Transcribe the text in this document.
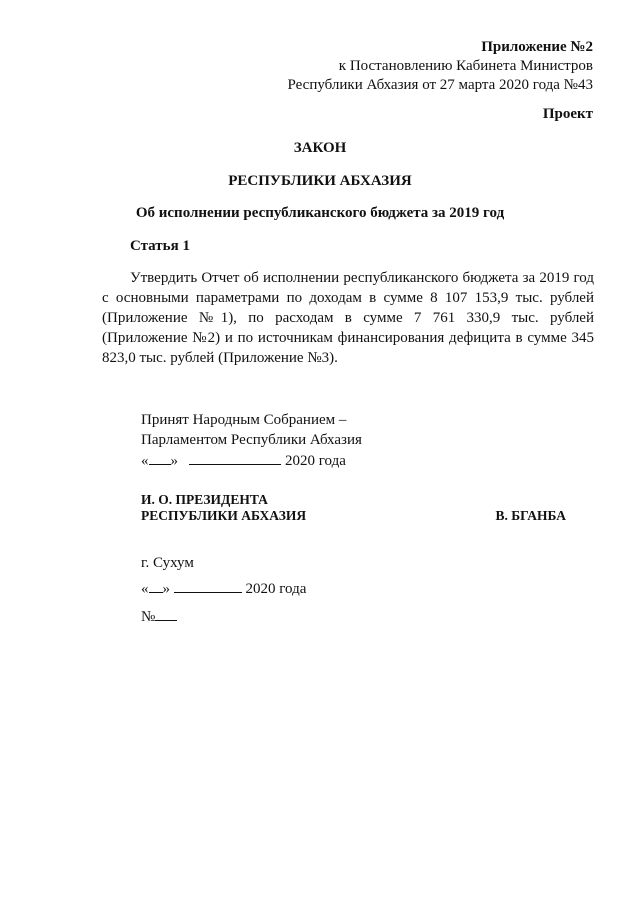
Приложение №2
к Постановлению Кабинета Министров
Республики Абхазия от 27 марта 2020 года №43
Проект
ЗАКОН
РЕСПУБЛИКИ АБХАЗИЯ
Об исполнении республиканского бюджета за 2019 год
Статья 1
Утвердить Отчет об исполнении республиканского бюджета за 2019 год с основными параметрами по доходам в сумме 8 107 153,9 тыс. рублей (Приложение №1), по расходам в сумме 7 761 330,9 тыс. рублей (Приложение №2) и по источникам финансирования дефицита в сумме 345 823,0 тыс. рублей (Приложение №3).
Принят Народным Собранием –
Парламентом Республики Абхазия
« »	2020 года
И. О. ПРЕЗИДЕНТА
РЕСПУБЛИКИ АБХАЗИЯ	В. БГАНБА
г. Сухум
« »	2020 года
№
